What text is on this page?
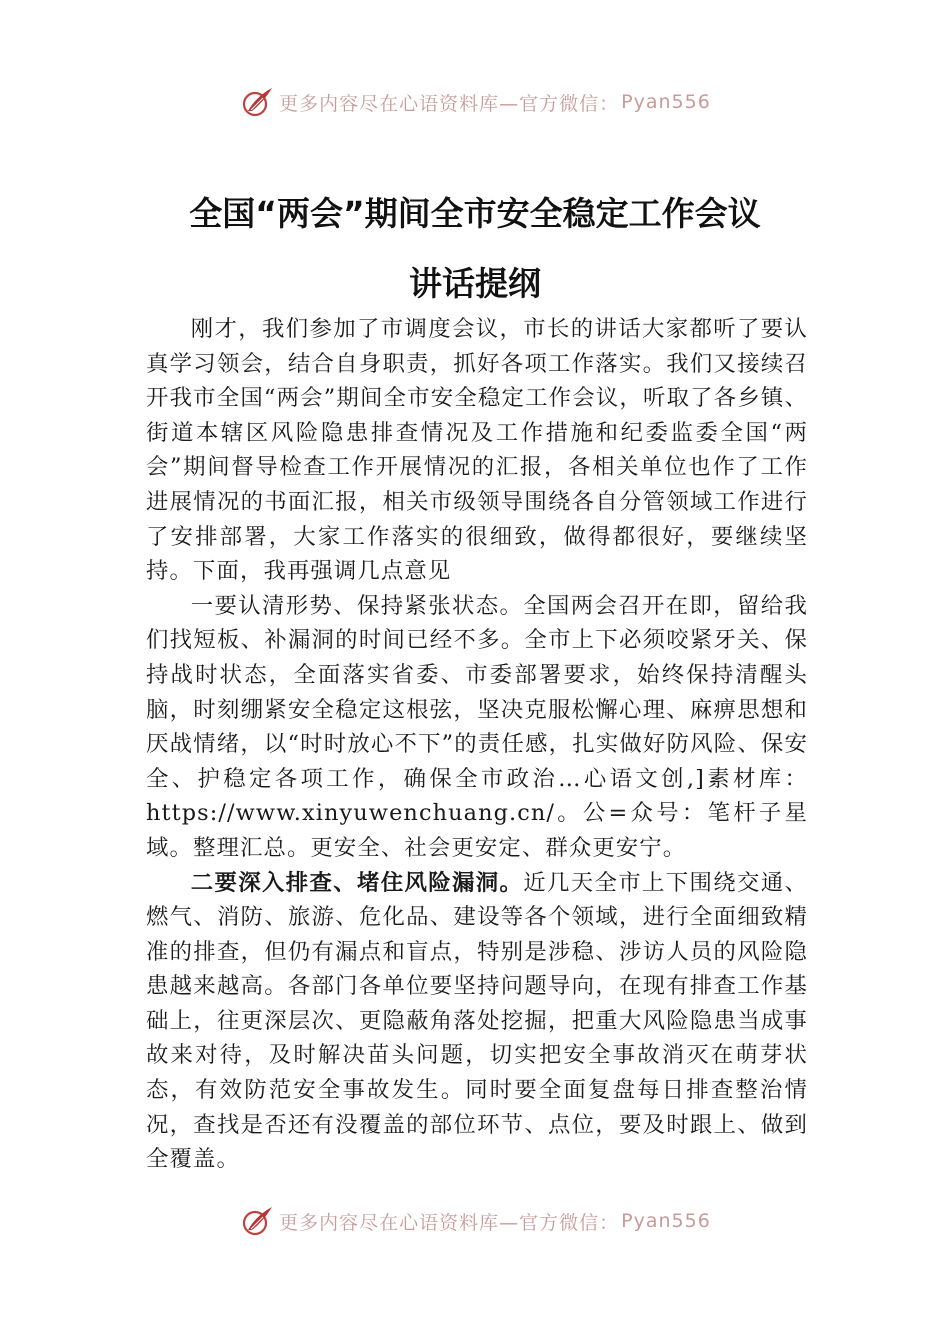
更多内容尽在心语资料库—官方微信： Pyan556
全国“两会”期间全市安全稳定工作会议
讲话提纲

刚才，我们参加了市调度会议，市长的讲话大家都听了要认真学习领会，结合自身职责，抓好各项工作落实。我们又接续召开我市全国“两会”期间全市安全稳定工作会议，听取了各乡镇、街道本辖区风险隐患排查情况及工作措施和纪委监委全国“两会”期间督导检查工作开展情况的汇报，各相关单位也作了工作进展情况的书面汇报，相关市级领导围绕各自分管领域工作进行了安排部署，大家工作落实的很细致，做得都很好，要继续坚持。下面，我再强调几点意见

一要认清形势、保持紧张状态。全国两会召开在即，留给我们找短板、补漏洞的时间已经不多。全市上下必须咬紧牙关、保持战时状态，全面落实省委、市委部署要求，始终保持清醒头脑，时刻绷紧安全稳定这根弦，坚决克服松懈心理、麻痹思想和厌战情绪，以“时时放心不下”的责任感，扎实做好防风险、保安全、护稳定各项工作，确保全市政治…心语文创,]素材库：https://www.xinyuwenchuang.cn/。公=众号：笔杆子星域。整理汇总。更安全、社会更安定、群众更安宁。

二要深入排查、堵住风险漏洞。近几天全市上下围绕交通、燃气、消防、旅游、危化品、建设等各个领域，进行全面细致精准的排查，但仍有漏点和盲点，特别是涉稳、涉访人员的风险隐患越来越高。各部门各单位要坚持问题导向，在现有排查工作基础上，往更深层次、更隐蔽角落处挖掘，把重大风险隐患当成事故来对待，及时解决苗头问题，切实把安全事故消灭在萌芽状态，有效防范安全事故发生。同时要全面复盘每日排查整治情况，查找是否还有没覆盖的部位环节、点位，要及时跟上、做到全覆盖。

更多内容尽在心语资料库—官方微信： Pyan556
